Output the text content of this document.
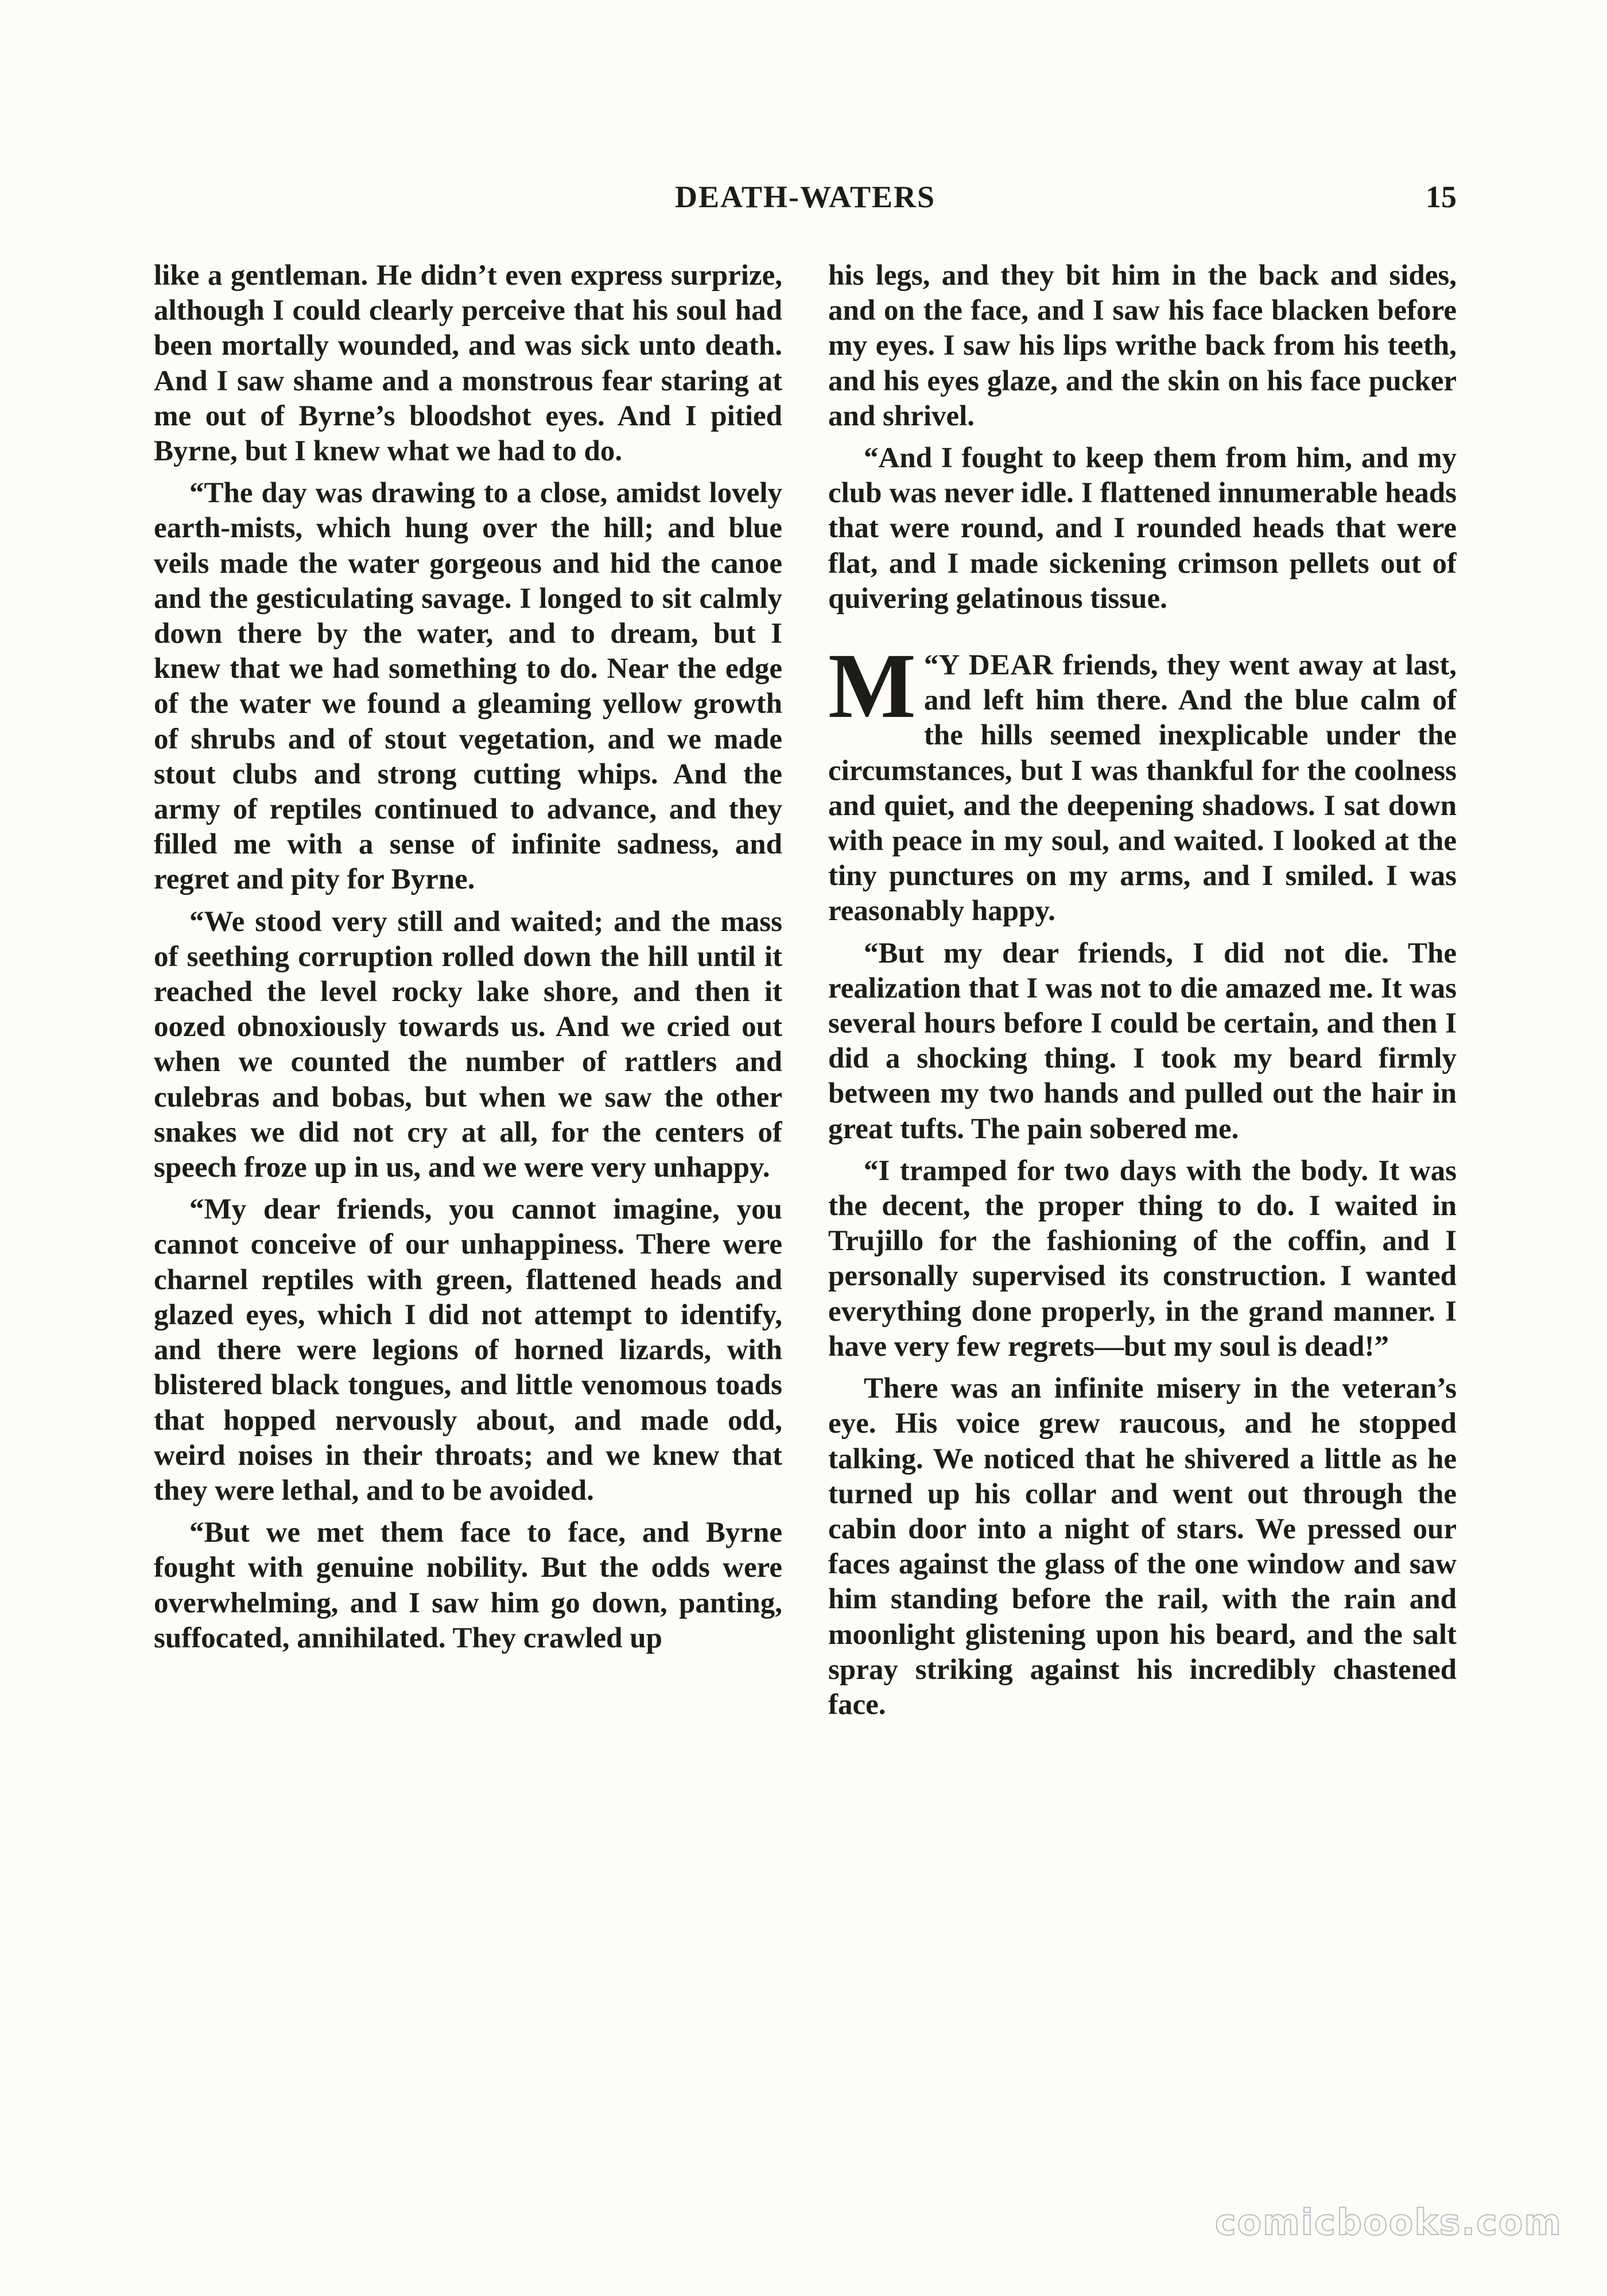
DEATH-WATERS	15

like a gentleman. He didn’t even express surprize, although I could clearly perceive that his soul had been mortally wounded, and was sick unto death. And I saw shame and a monstrous fear staring at me out of Byrne’s bloodshot eyes. And I pitied Byrne, but I knew what we had to do.

“The day was drawing to a close, amidst lovely earth-mists, which hung over the hill; and blue veils made the water gorgeous and hid the canoe and the gesticulating savage. I longed to sit calmly down there by the water, and to dream, but I knew that we had something to do. Near the edge of the water we found a gleaming yellow growth of shrubs and of stout vegetation, and we made stout clubs and strong cutting whips. And the army of reptiles continued to advance, and they filled me with a sense of infinite sadness, and regret and pity for Byrne.

“We stood very still and waited; and the mass of seething corruption rolled down the hill until it reached the level rocky lake shore, and then it oozed obnoxiously towards us. And we cried out when we counted the number of rattlers and culebras and bobas, but when we saw the other snakes we did not cry at all, for the centers of speech froze up in us, and we were very unhappy.

“My dear friends, you cannot imagine, you cannot conceive of our unhappiness. There were charnel reptiles with green, flattened heads and glazed eyes, which I did not attempt to identify, and there were legions of horned lizards, with blistered black tongues, and little venomous toads that hopped nervously about, and made odd, weird noises in their throats; and we knew that they were lethal, and to be avoided.

“But we met them face to face, and Byrne fought with genuine nobility. But the odds were overwhelming, and I saw him go down, panting, suffocated, annihilated. They crawled up

his legs, and they bit him in the back and sides, and on the face, and I saw his face blacken before my eyes. I saw his lips writhe back from his teeth, and his eyes glaze, and the skin on his face pucker and shrivel.

“And I fought to keep them from him, and my club was never idle. I flattened innumerable heads that were round, and I rounded heads that were flat, and I made sickening crimson pellets out of quivering gelatinous tissue.

“
M Y DEAR friends, they went away at last, and left him there. And the blue calm of the hills seemed inexplicable under the circumstances, but I was thankful for the coolness and quiet, and the deepening shadows. I sat down with peace in my soul, and waited. I looked at the tiny punctures on my arms, and I smiled. I was reasonably happy.

“But my dear friends, I did not die. The realization that I was not to die amazed me. It was several hours before I could be certain, and then I did a shocking thing. I took my beard firmly between my two hands and pulled out the hair in great tufts. The pain sobered me.

“I tramped for two days with the body. It was the decent, the proper thing to do. I waited in Trujillo for the fashioning of the coffin, and I personally supervised its construction. I wanted everything done properly, in the grand manner. I have very few regrets—but my soul is dead!”

There was an infinite misery in the veteran’s eye. His voice grew raucous, and he stopped talking. We noticed that he shivered a little as he turned up his collar and went out through the cabin door into a night of stars. We pressed our faces against the glass of the one window and saw him standing before the rail, with the rain and moonlight glistening upon his beard, and the salt spray striking against his incredibly chastened face.

comicbooks.com
